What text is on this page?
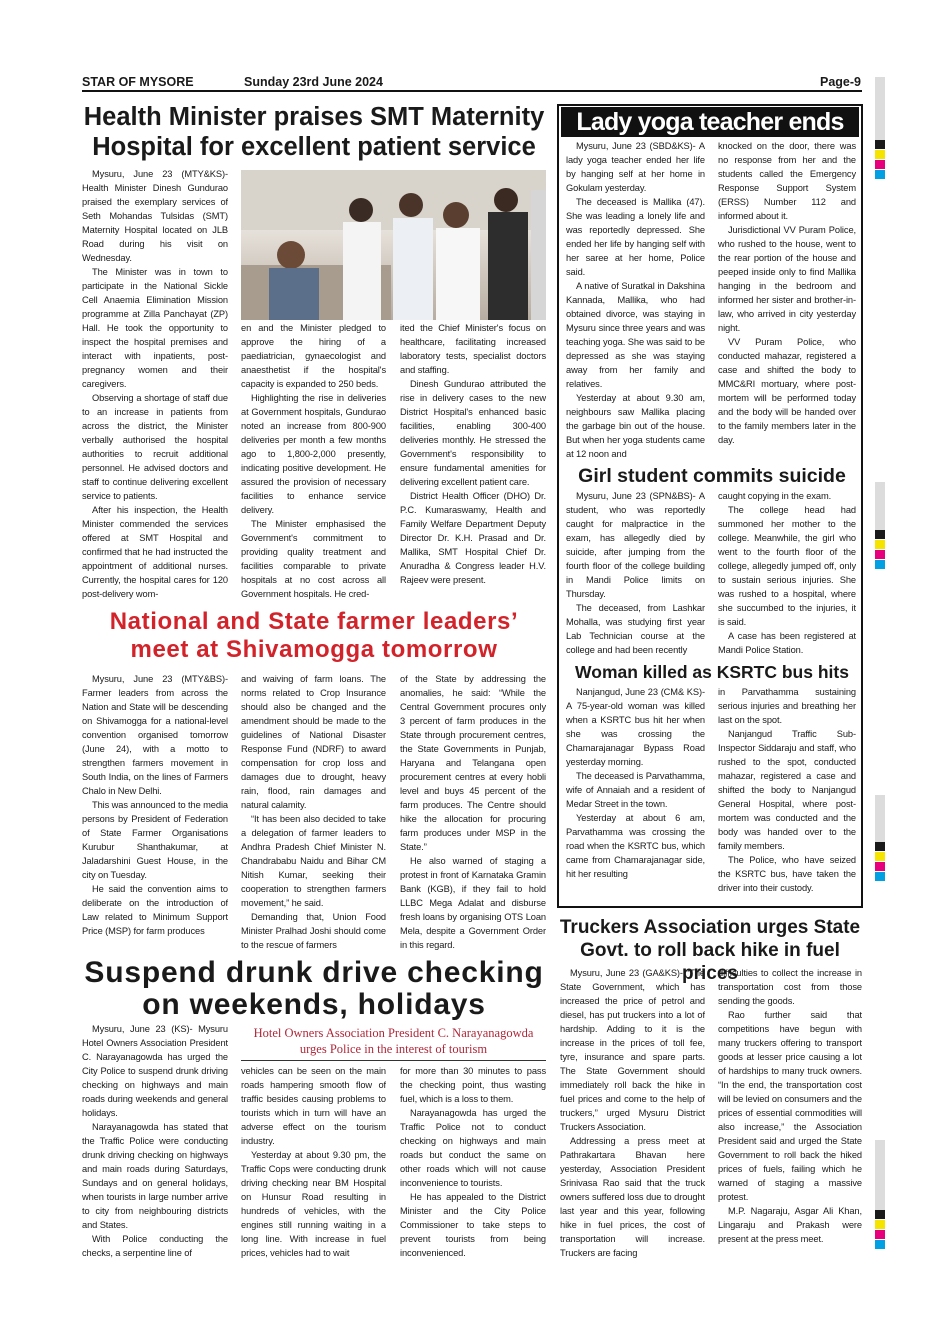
STAR OF MYSORE	Sunday 23rd June 2024	Page-9
Health Minister praises SMT Maternity
Hospital for excellent patient service

Mysuru, June 23 (MTY&KS)- Health Minister Dinesh Gundurao praised the exemplary services of Seth Mohandas Tulsidas (SMT) Maternity Hospital located on JLB Road during his visit on Wednesday.

The Minister was in town to participate in the National Sickle Cell Anaemia Elimination Mission programme at Zilla Panchayat (ZP) Hall. He took the opportunity to inspect the hospital premises and interact with inpatients, post-pregnancy women and their caregivers.

Observing a shortage of staff due to an increase in patients from across the district, the Minister verbally authorised the hospital authorities to recruit additional personnel. He advised doctors and staff to continue delivering excellent service to patients.

After his inspection, the Health Minister commended the services offered at SMT Hospital and confirmed that he had instructed the appointment of additional nurses. Currently, the hospital cares for 120 post-delivery wom-

en and the Minister pledged to approve the hiring of a paediatrician, gynaecologist and anaesthetist if the hospital's capacity is expanded to 250 beds.

Highlighting the rise in deliveries at Government hospitals, Gundurao noted an increase from 800-900 deliveries per month a few months ago to 1,800-2,000 presently, indicating positive development. He assured the provision of necessary facilities to enhance service delivery.

The Minister emphasised the Government's commitment to providing quality treatment and facilities comparable to private hospitals at no cost across all Government hospitals. He cred-

ited the Chief Minister's focus on healthcare, facilitating increased laboratory tests, specialist doctors and staffing.

Dinesh Gundurao attributed the rise in delivery cases to the new District Hospital's enhanced basic facilities, enabling 300-400 deliveries monthly. He stressed the Government's responsibility to ensure fundamental amenities for delivering excellent patient care.

District Health Officer (DHO) Dr. P.C. Kumaraswamy, Health and Family Welfare Department Deputy Director Dr. K.H. Prasad and Dr. Mallika, SMT Hospital Chief Dr. Anuradha & Congress leader H.V. Rajeev were present.

National and State farmer leaders’
meet at Shivamogga tomorrow

Mysuru, June 23 (MTY&BS)- Farmer leaders from across the Nation and State will be descending on Shivamogga for a national-level convention organised tomorrow (June 24), with a motto to strengthen farmers movement in South India, on the lines of Farmers Chalo in New Delhi.

This was announced to the media persons by President of Federation of State Farmer Organisations Kurubur Shanthakumar, at Jaladarshini Guest House, in the city on Tuesday.

He said the convention aims to deliberate on the introduction of Law related to Minimum Support Price (MSP) for farm produces

and waiving of farm loans. The norms related to Crop Insurance should also be changed and the amendment should be made to the guidelines of National Disaster Response Fund (NDRF) to award compensation for crop loss and damages due to drought, heavy rain, flood, rain damages and natural calamity.

“It has been also decided to take a delegation of farmer leaders to Andhra Pradesh Chief Minister N. Chandrababu Naidu and Bihar CM Nitish Kumar, seeking their cooperation to strengthen farmers movement,” he said.

Demanding that, Union Food Minister Pralhad Joshi should come to the rescue of farmers

of the State by addressing the anomalies, he said: “While the Central Government procures only 3 percent of farm produces in the State through procurement centres, the State Governments in Punjab, Haryana and Telangana open procurement centres at every hobli level and buys 45 percent of the farm produces. The Centre should hike the allocation for procuring farm produces under MSP in the State.”

He also warned of staging a protest in front of Karnataka Gramin Bank (KGB), if they fail to hold LLBC Mega Adalat and disburse fresh loans by organising OTS Loan Mela, despite a Government Order in this regard.

Suspend drunk drive checking
on weekends, holidays

Mysuru, June 23 (KS)- Mysuru Hotel Owners Association President C. Narayanagowda has urged the City Police to suspend drunk driving checking on highways and main roads during weekends and general holidays.

Narayanagowda has stated that the Traffic Police were conducting drunk driving checking on highways and main roads during Saturdays, Sundays and on general holidays, when tourists in large number arrive to city from neighbouring districts and States.

With Police conducting the checks, a serpentine line of

Hotel Owners Association President C. Narayanagowda
urges Police in the interest of tourism

vehicles can be seen on the main roads hampering smooth flow of traffic besides causing problems to tourists which in turn will have an adverse effect on the tourism industry.

Yesterday at about 9.30 pm, the Traffic Cops were conducting drunk driving checking near BM Hospital on Hunsur Road resulting in hundreds of vehicles, with the engines still running waiting in a long line. With increase in fuel prices, vehicles had to wait

for more than 30 minutes to pass the checking point, thus wasting fuel, which is a loss to them.

Narayanagowda has urged the Traffic Police not to conduct checking on highways and main roads but conduct the same on other roads which will not cause inconvenience to tourists.

He has appealed to the District Minister and the City Police Commissioner to take steps to prevent tourists from being inconvenienced.

Lady yoga teacher ends life

Mysuru, June 23 (SBD&KS)- A lady yoga teacher ended her life by hanging self at her home in Gokulam yesterday.

The deceased is Mallika (47). She was leading a lonely life and was reportedly depressed. She ended her life by hanging self with her saree at her home, Police said.

A native of Suratkal in Dakshina Kannada, Mallika, who had obtained divorce, was staying in Mysuru since three years and was teaching yoga. She was said to be depressed as she was staying away from her family and relatives.

Yesterday at about 9.30 am, neighbours saw Mallika placing the garbage bin out of the house. But when her yoga students came at 12 noon and

knocked on the door, there was no response from her and the students called the Emergency Response Support System (ERSS) Number 112 and informed about it.

Jurisdictional VV Puram Police, who rushed to the house, went to the rear portion of the house and peeped inside only to find Mallika hanging in the bedroom and informed her sister and brother-in-law, who arrived in city yesterday night.

VV Puram Police, who conducted mahazar, registered a case and shifted the body to MMC&RI mortuary, where post-mortem will be performed today and the body will be handed over to the family members later in the day.

Girl student commits suicide

Mysuru, June 23 (SPN&BS)- A student, who was reportedly caught for malpractice in the exam, has allegedly died by suicide, after jumping from the fourth floor of the college building in Mandi Police limits on Thursday.

The deceased, from Lashkar Mohalla, was studying first year Lab Technician course at the college and had been recently

caught copying in the exam.

The college head had summoned her mother to the college. Meanwhile, the girl who went to the fourth floor of the college, allegedly jumped off, only to sustain serious injuries. She was rushed to a hospital, where she succumbed to the injuries, it is said.

A case has been registered at Mandi Police Station.

Woman killed as KSRTC bus hits

Nanjangud, June 23 (CM& KS)- A 75-year-old woman was killed when a KSRTC bus hit her when she was crossing the Chamarajanagar Bypass Road yesterday morning.

The deceased is Parvathamma, wife of Annaiah and a resident of Medar Street in the town.

Yesterday at about 6 am, Parvathamma was crossing the road when the KSRTC bus, which came from Chamarajanagar side, hit her resulting

in Parvathamma sustaining serious injuries and breathing her last on the spot.

Nanjangud Traffic Sub-Inspector Siddaraju and staff, who rushed to the spot, conducted mahazar, registered a case and shifted the body to Nanjangud General Hospital, where post-mortem was conducted and the body was handed over to the family members.

The Police, who have seized the KSRTC bus, have taken the driver into their custody.

Truckers Association urges State
Govt. to roll back hike in fuel prices

Mysuru, June 23 (GA&KS)- “The State Government, which has increased the price of petrol and diesel, has put truckers into a lot of hardship. Adding to it is the increase in the prices of toll fee, tyre, insurance and spare parts. The State Government should immediately roll back the hike in fuel prices and come to the help of truckers,” urged Mysuru District Truckers Association.

Addressing a press meet at Pathrakartara Bhavan here yesterday, Association President Srinivasa Rao said that the truck owners suffered loss due to drought last year and this year, following hike in fuel prices, the cost of transportation will increase. Truckers are facing

difficulties to collect the increase in transportation cost from those sending the goods.

Rao further said that competitions have begun with many truckers offering to transport goods at lesser price causing a lot of hardships to many truck owners. “In the end, the transportation cost will be levied on consumers and the prices of essential commodities will also increase,” the Association President said and urged the State Government to roll back the hiked prices of fuels, failing which he warned of staging a massive protest.

M.P. Nagaraju, Asgar Ali Khan, Lingaraju and Prakash were present at the press meet.
